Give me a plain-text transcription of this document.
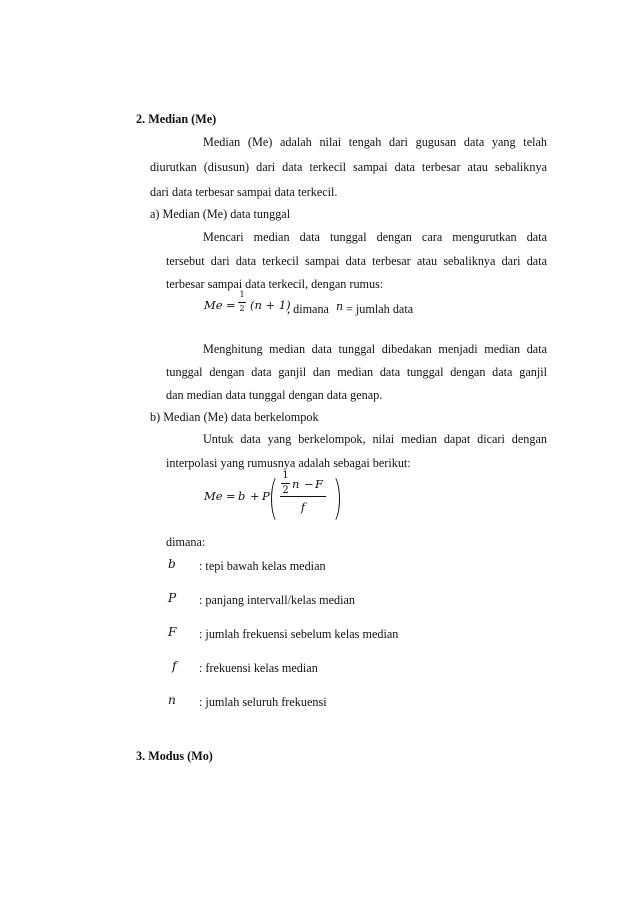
2. Median (Me)
Median (Me) adalah nilai tengah dari gugusan data yang telah
diurutkan (disusun) dari data terkecil sampai data terbesar atau sebaliknya
dari data terbesar sampai data terkecil.
a) Median (Me) data tunggal
Mencari median data tunggal dengan cara mengurutkan data
tersebut dari data terkecil sampai data terbesar atau sebaliknya dari data
terbesar sampai data terkecil, dengan rumus:
Me =
1
2 (n + 1)
, dimana n = jumlah data
Menghitung median data tunggal dibedakan menjadi median data
tunggal dengan data ganjil dan median data tunggal dengan data ganjil
dan median data tunggal dengan data genap.
b) Median (Me) data berkelompok
Untuk data yang berkelompok, nilai median dapat dicari dengan
interpolasi yang rumusnya adalah sebagai berikut:
Me = b + P
1
2 n − F
f
dimana:
b : tepi bawah kelas median
P : panjang intervall/kelas median
F : jumlah frekuensi sebelum kelas median
f : frekuensi kelas median
n : jumlah seluruh frekuensi
3. Modus (Mo)
